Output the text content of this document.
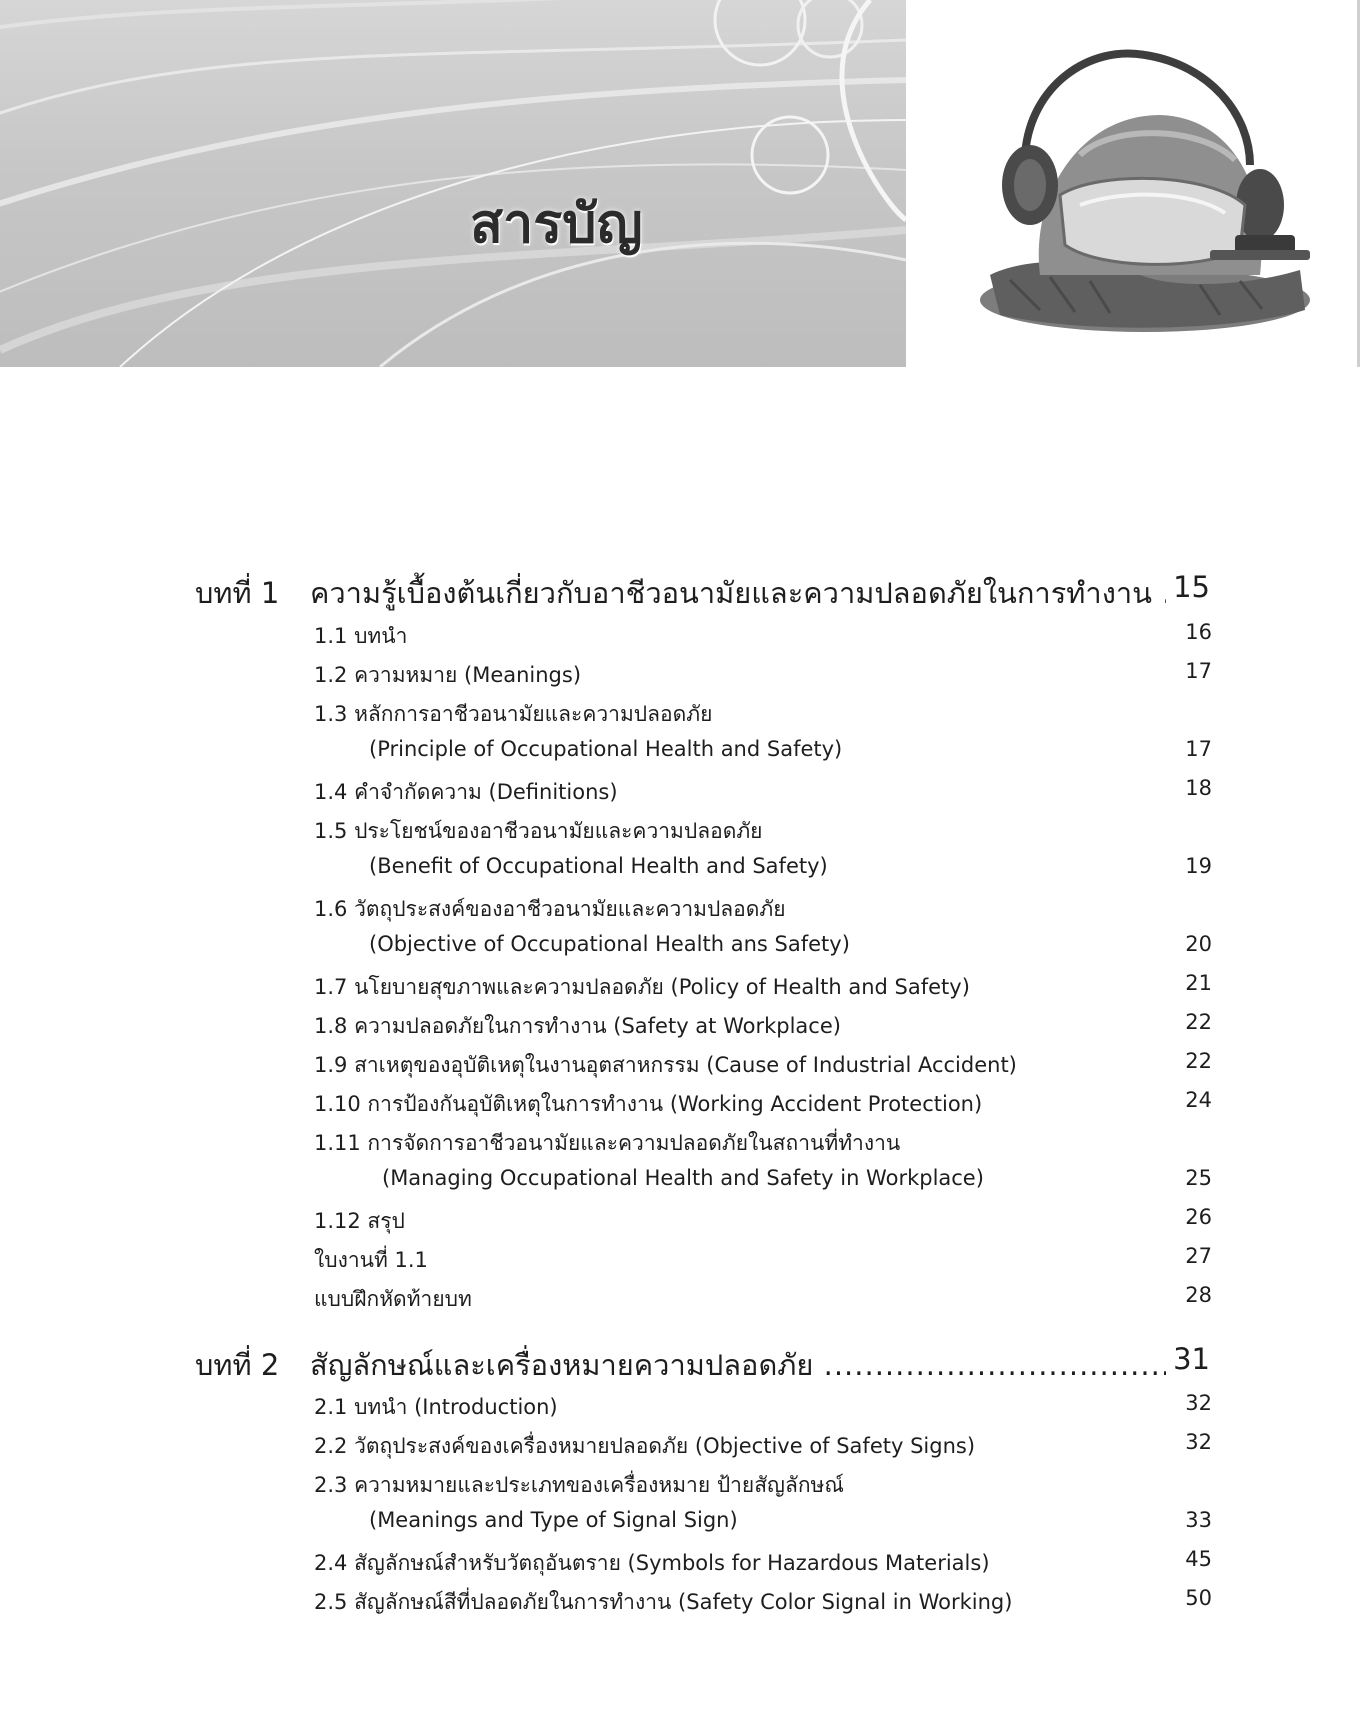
สารบัญ
บทที่ 1 ความรู้เบื้องต้นเกี่ยวกับอาชีวอนามัยและความปลอดภัยในการทำงาน ..... 15
1.1 บทนำ	16
1.2 ความหมาย (Meanings)	17
1.3 หลักการอาชีวอนามัยและความปลอดภัย
(Principle of Occupational Health and Safety)	17
1.4 คำจำกัดความ (Definitions)	18
1.5 ประโยชน์ของอาชีวอนามัยและความปลอดภัย
(Benefit of Occupational Health and Safety)	19
1.6 วัตถุประสงค์ของอาชีวอนามัยและความปลอดภัย
(Objective of Occupational Health ans Safety)	20
1.7 นโยบายสุขภาพและความปลอดภัย (Policy of Health and Safety)	21
1.8 ความปลอดภัยในการทำงาน (Safety at Workplace)	22
1.9 สาเหตุของอุบัติเหตุในงานอุตสาหกรรม (Cause of Industrial Accident)	22
1.10 การป้องกันอุบัติเหตุในการทำงาน (Working Accident Protection)	24
1.11 การจัดการอาชีวอนามัยและความปลอดภัยในสถานที่ทำงาน
(Managing Occupational Health and Safety in Workplace)	25
1.12 สรุป	26
ใบงานที่ 1.1	27
แบบฝึกหัดท้ายบท	28
บทที่ 2 สัญลักษณ์และเครื่องหมายความปลอดภัย .....	31
2.1 บทนำ (Introduction)	32
2.2 วัตถุประสงค์ของเครื่องหมายปลอดภัย (Objective of Safety Signs)	32
2.3 ความหมายและประเภทของเครื่องหมาย ป้ายสัญลักษณ์
(Meanings and Type of Signal Sign)	33
2.4 สัญลักษณ์สำหรับวัตถุอันตราย (Symbols for Hazardous Materials)	45
2.5 สัญลักษณ์สีที่ปลอดภัยในการทำงาน (Safety Color Signal in Working)	50
